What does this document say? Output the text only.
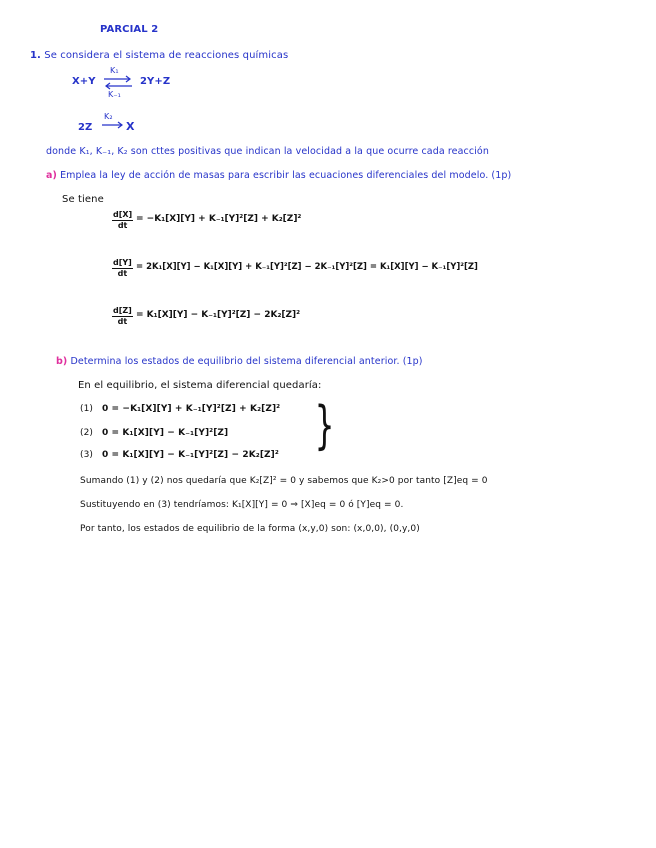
PARCIAL 2
1. Se considera el sistema de reacciones químicas
X+Y ⇌
K₁
K₋₁
2Y+Z
2Z
K₂
X
donde K₁, K₋₁, K₂ son cttes positivas que indican la velocidad a la que ocurre cada reacción
a) Emplea la ley de acción de masas para escribir las ecuaciones diferenciales del modelo. (1p)
Se tiene
$\frac{d[X]}{dt} = -K_1[X][Y] + K_{-1}[Y]^2[Z] + K_2[Z]^2$
$\frac{d[Y]}{dt} = 2K_1[X][Y] - K_1[X][Y] + K_{-1}[Y]^2[Z] - 2K_{-1}[Y]^2[Z] = K_1[X][Y] - K_{-1}[Y]^2[Z]$
$\frac{d[Z]}{dt} = K_1[X][Y] - K_{-1}[Y]^2[Z] - 2K_2[Z]^2$
b) Determina los estados de equilibrio del sistema diferencial anterior. (1p)
En el equilibrio, el sistema diferencial quedaría:
(1) 0 = −K₁[X][Y] + K₋₁[Y]²[Z] + K₂[Z]²
(2) 0 = K₁[X][Y] − K₋₁[Y]²[Z]
(3) 0 = K₁[X][Y] − K₋₁[Y]²[Z] − 2K₂[Z]² }
Sumando (1) y (2) nos quedaría que K₂[Z]² = 0 y sabemos que K₂>0 por tanto [Z]eq = 0
Sustituyendo en (3) tendríamos: K₁[X][Y] = 0 ⇒ [X]eq = 0 ó [Y]eq = 0.
Por tanto, los estados de equilibrio de la forma (x,y,0) son: (x,0,0), (0,y,0)
